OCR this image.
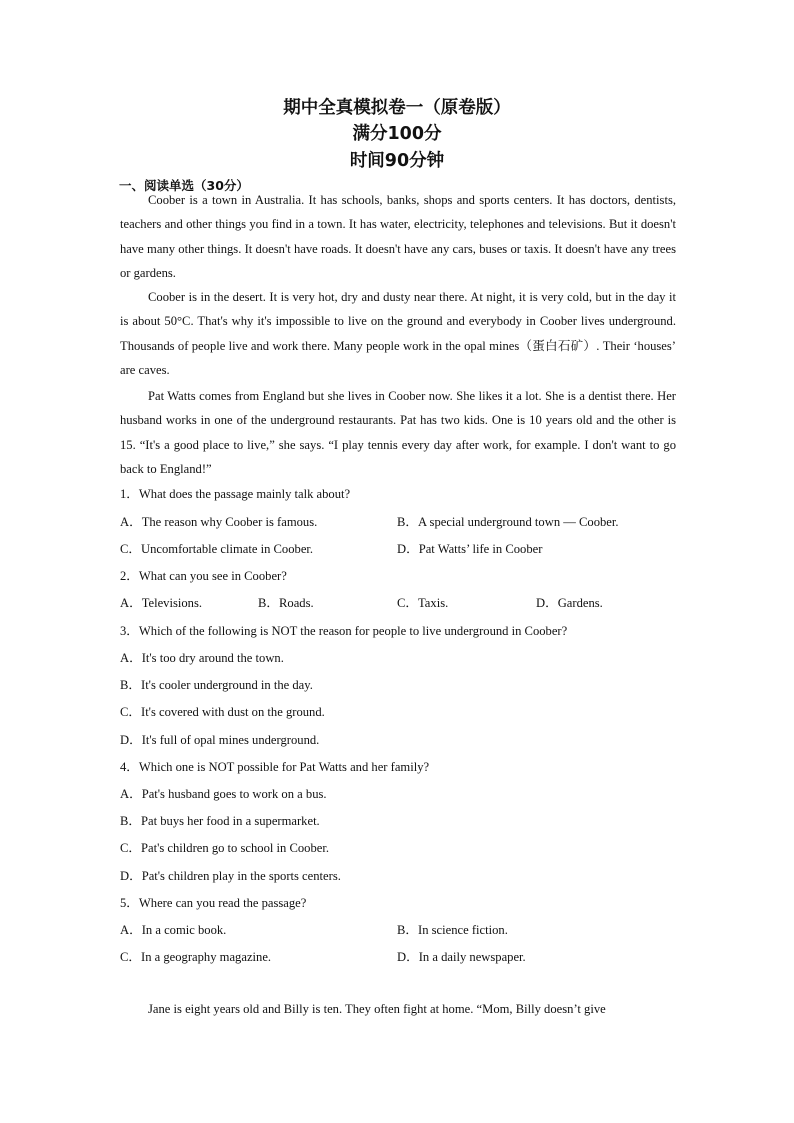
期中全真模拟卷一（原卷版）
满分100分
时间90分钟
一、阅读单选（30分）

Coober is a town in Australia. It has schools, banks, shops and sports centers. It has doctors, dentists, teachers and other things you find in a town. It has water, electricity, telephones and televisions. But it doesn't have many other things. It doesn't have roads. It doesn't have any cars, buses or taxis. It doesn't have any trees or gardens.

Coober is in the desert. It is very hot, dry and dusty near there. At night, it is very cold, but in the day it is about 50°C. That's why it's impossible to live on the ground and everybody in Coober lives underground. Thousands of people live and work there. Many people work in the opal mines（蛋白石矿）. Their ‘houses’ are caves.

Pat Watts comes from England but she lives in Coober now. She likes it a lot. She is a dentist there. Her husband works in one of the underground restaurants. Pat has two kids. One is 10 years old and the other is 15. “It's a good place to live,” she says. “I play tennis every day after work, for example. I don't want to go back to England!”

1．What does the passage mainly talk about?
A．The reason why Coober is famous.	B．A special underground town — Coober.
C．Uncomfortable climate in Coober.	D．Pat Watts’ life in Coober
2．What can you see in Coober?
A．Televisions.	B．Roads.	C．Taxis.	D．Gardens.
3．Which of the following is NOT the reason for people to live underground in Coober?
A．It's too dry around the town.
B．It's cooler underground in the day.
C．It's covered with dust on the ground.
D．It's full of opal mines underground.
4．Which one is NOT possible for Pat Watts and her family?
A．Pat's husband goes to work on a bus.
B．Pat buys her food in a supermarket.
C．Pat's children go to school in Coober.
D．Pat's children play in the sports centers.
5．Where can you read the passage?
A．In a comic book.	B．In science fiction.
C．In a geography magazine.	D．In a daily newspaper.
Jane is eight years old and Billy is ten. They often fight at home. “Mom, Billy doesn’t give
